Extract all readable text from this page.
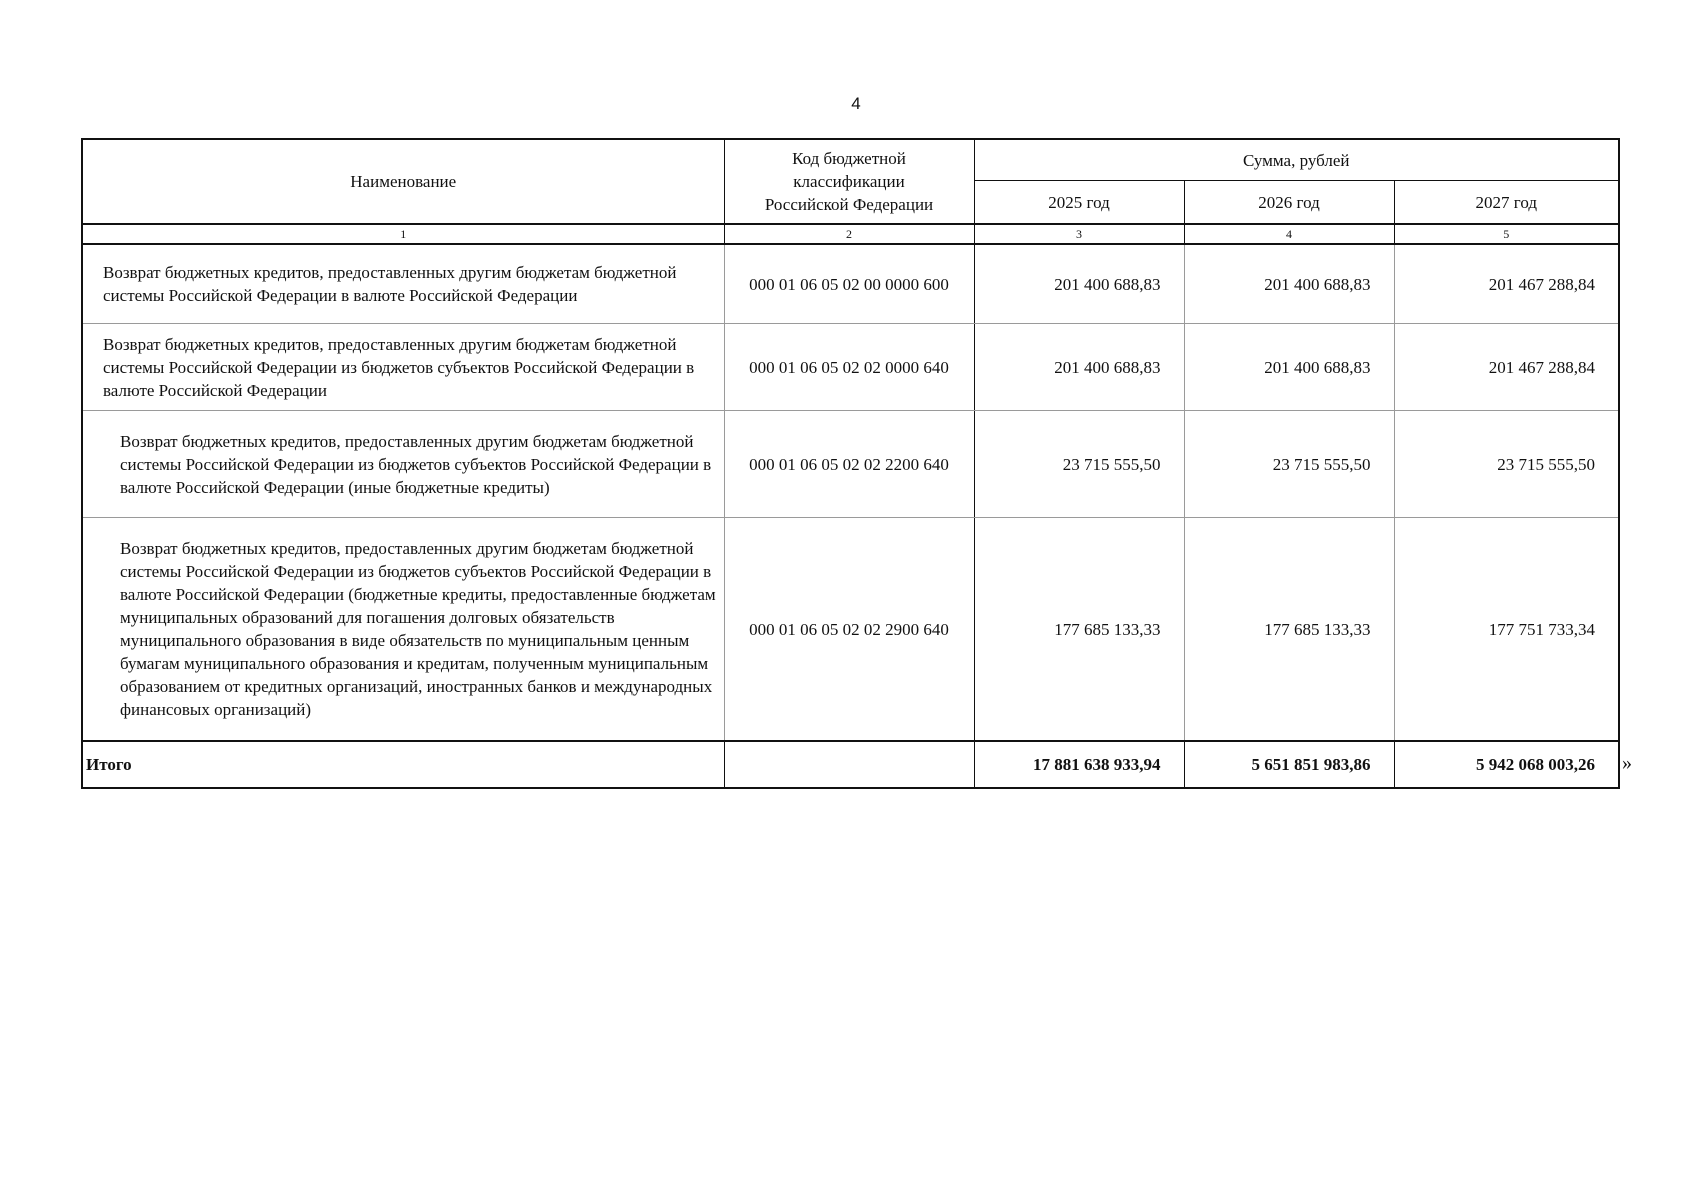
4
Наименование	Код бюджетной классификации Российской Федерации	Сумма, рублей		
		2025 год	2026 год	2027 год
1	2	3	4	5
Возврат бюджетных кредитов, предоставленных другим бюджетам бюджетной системы Российской Федерации в валюте Российской Федерации	000 01 06 05 02 00 0000 600	201 400 688,83	201 400 688,83	201 467 288,84
Возврат бюджетных кредитов, предоставленных другим бюджетам бюджетной системы Российской Федерации из бюджетов субъектов Российской Федерации в валюте Российской Федерации	000 01 06 05 02 02 0000 640	201 400 688,83	201 400 688,83	201 467 288,84
Возврат бюджетных кредитов, предоставленных другим бюджетам бюджетной системы Российской Федерации из бюджетов субъектов Российской Федерации в валюте Российской Федерации (иные бюджетные кредиты)	000 01 06 05 02 02 2200 640	23 715 555,50	23 715 555,50	23 715 555,50
Возврат бюджетных кредитов, предоставленных другим бюджетам бюджетной системы Российской Федерации из бюджетов субъектов Российской Федерации в валюте Российской Федерации (бюджетные кредиты, предоставленные бюджетам муниципальных образований для погашения долговых обязательств муниципального образования в виде обязательств по муниципальным ценным бумагам муниципального образования и кредитам, полученным муниципальным образованием от кредитных организаций, иностранных банков и международных финансовых организаций)	000 01 06 05 02 02 2900 640	177 685 133,33	177 685 133,33	177 751 733,34
Итого		17 881 638 933,94	5 651 851 983,86	5 942 068 003,26 »
